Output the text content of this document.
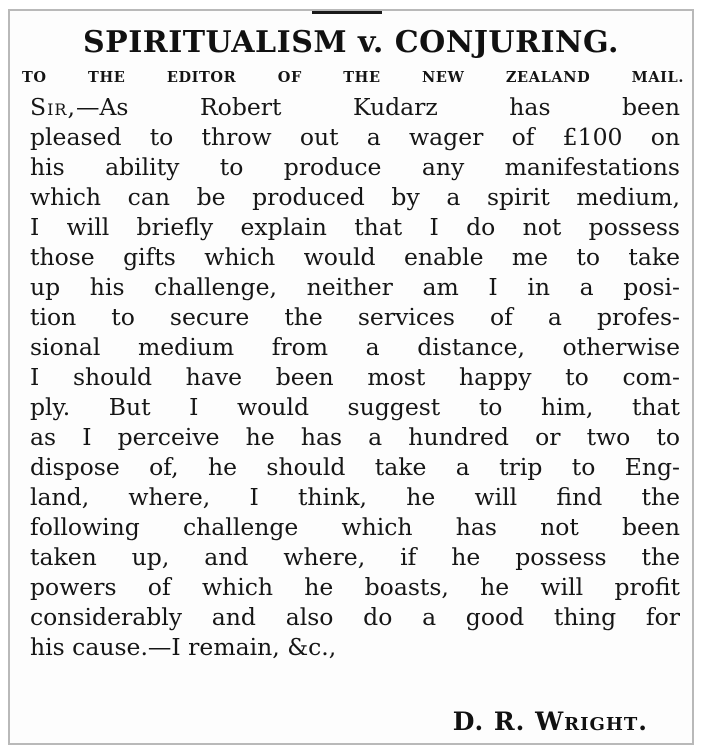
SPIRITUALISM v. CONJURING.
TO THE EDITOR OF THE NEW ZEALAND MAIL.
Sir,—As Robert Kudarz has been
pleased to throw out a wager of £100 on
his ability to produce any manifestations
which can be produced by a spirit medium,
I will briefly explain that I do not possess
those gifts which would enable me to take
up his challenge, neither am I in a posi-
tion to secure the services of a profes-
sional medium from a distance, otherwise
I should have been most happy to com-
ply. But I would suggest to him, that
as I perceive he has a hundred or two to
dispose of, he should take a trip to Eng-
land, where, I think, he will find the
following challenge which has not been
taken up, and where, if he possess the
powers of which he boasts, he will profit
considerably and also do a good thing for
his cause.—I remain, &c.,
D. R. Wright.
